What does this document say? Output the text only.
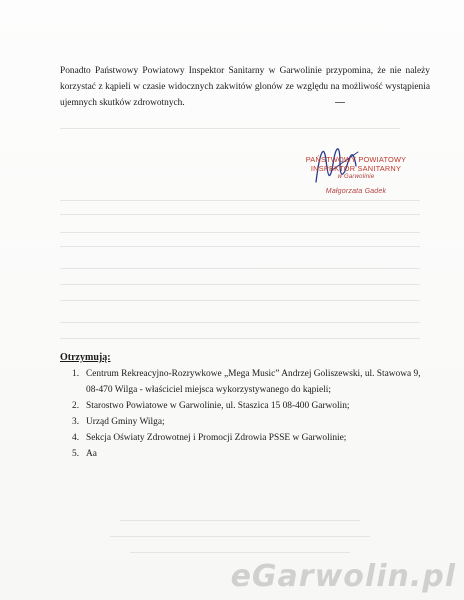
Ponadto Państwowy Powiatowy Inspektor Sanitarny w Garwolinie przypomina, że nie należy korzystać z kąpieli w czasie widocznych zakwitów glonów ze względu na możliwość wystąpienia ujemnych skutków zdrowotnych.

PAŃSTWOWY POWIATOWY
INSPEKTOR SANITARNY
w Garwolinie
Małgorzata Gadek
Otrzymują:
1. Centrum Rekreacyjno-Rozrywkowe „Mega Music” Andrzej Goliszewski, ul. Stawowa 9,
08-470 Wilga - właściciel miejsca wykorzystywanego do kąpieli;
2. Starostwo Powiatowe w Garwolinie, ul. Staszica 15 08-400 Garwolin;
3. Urząd Gminy Wilga;
4. Sekcja Oświaty Zdrowotnej i Promocji Zdrowia PSSE w Garwolinie;
5. Aa
eGarwolin.pl
